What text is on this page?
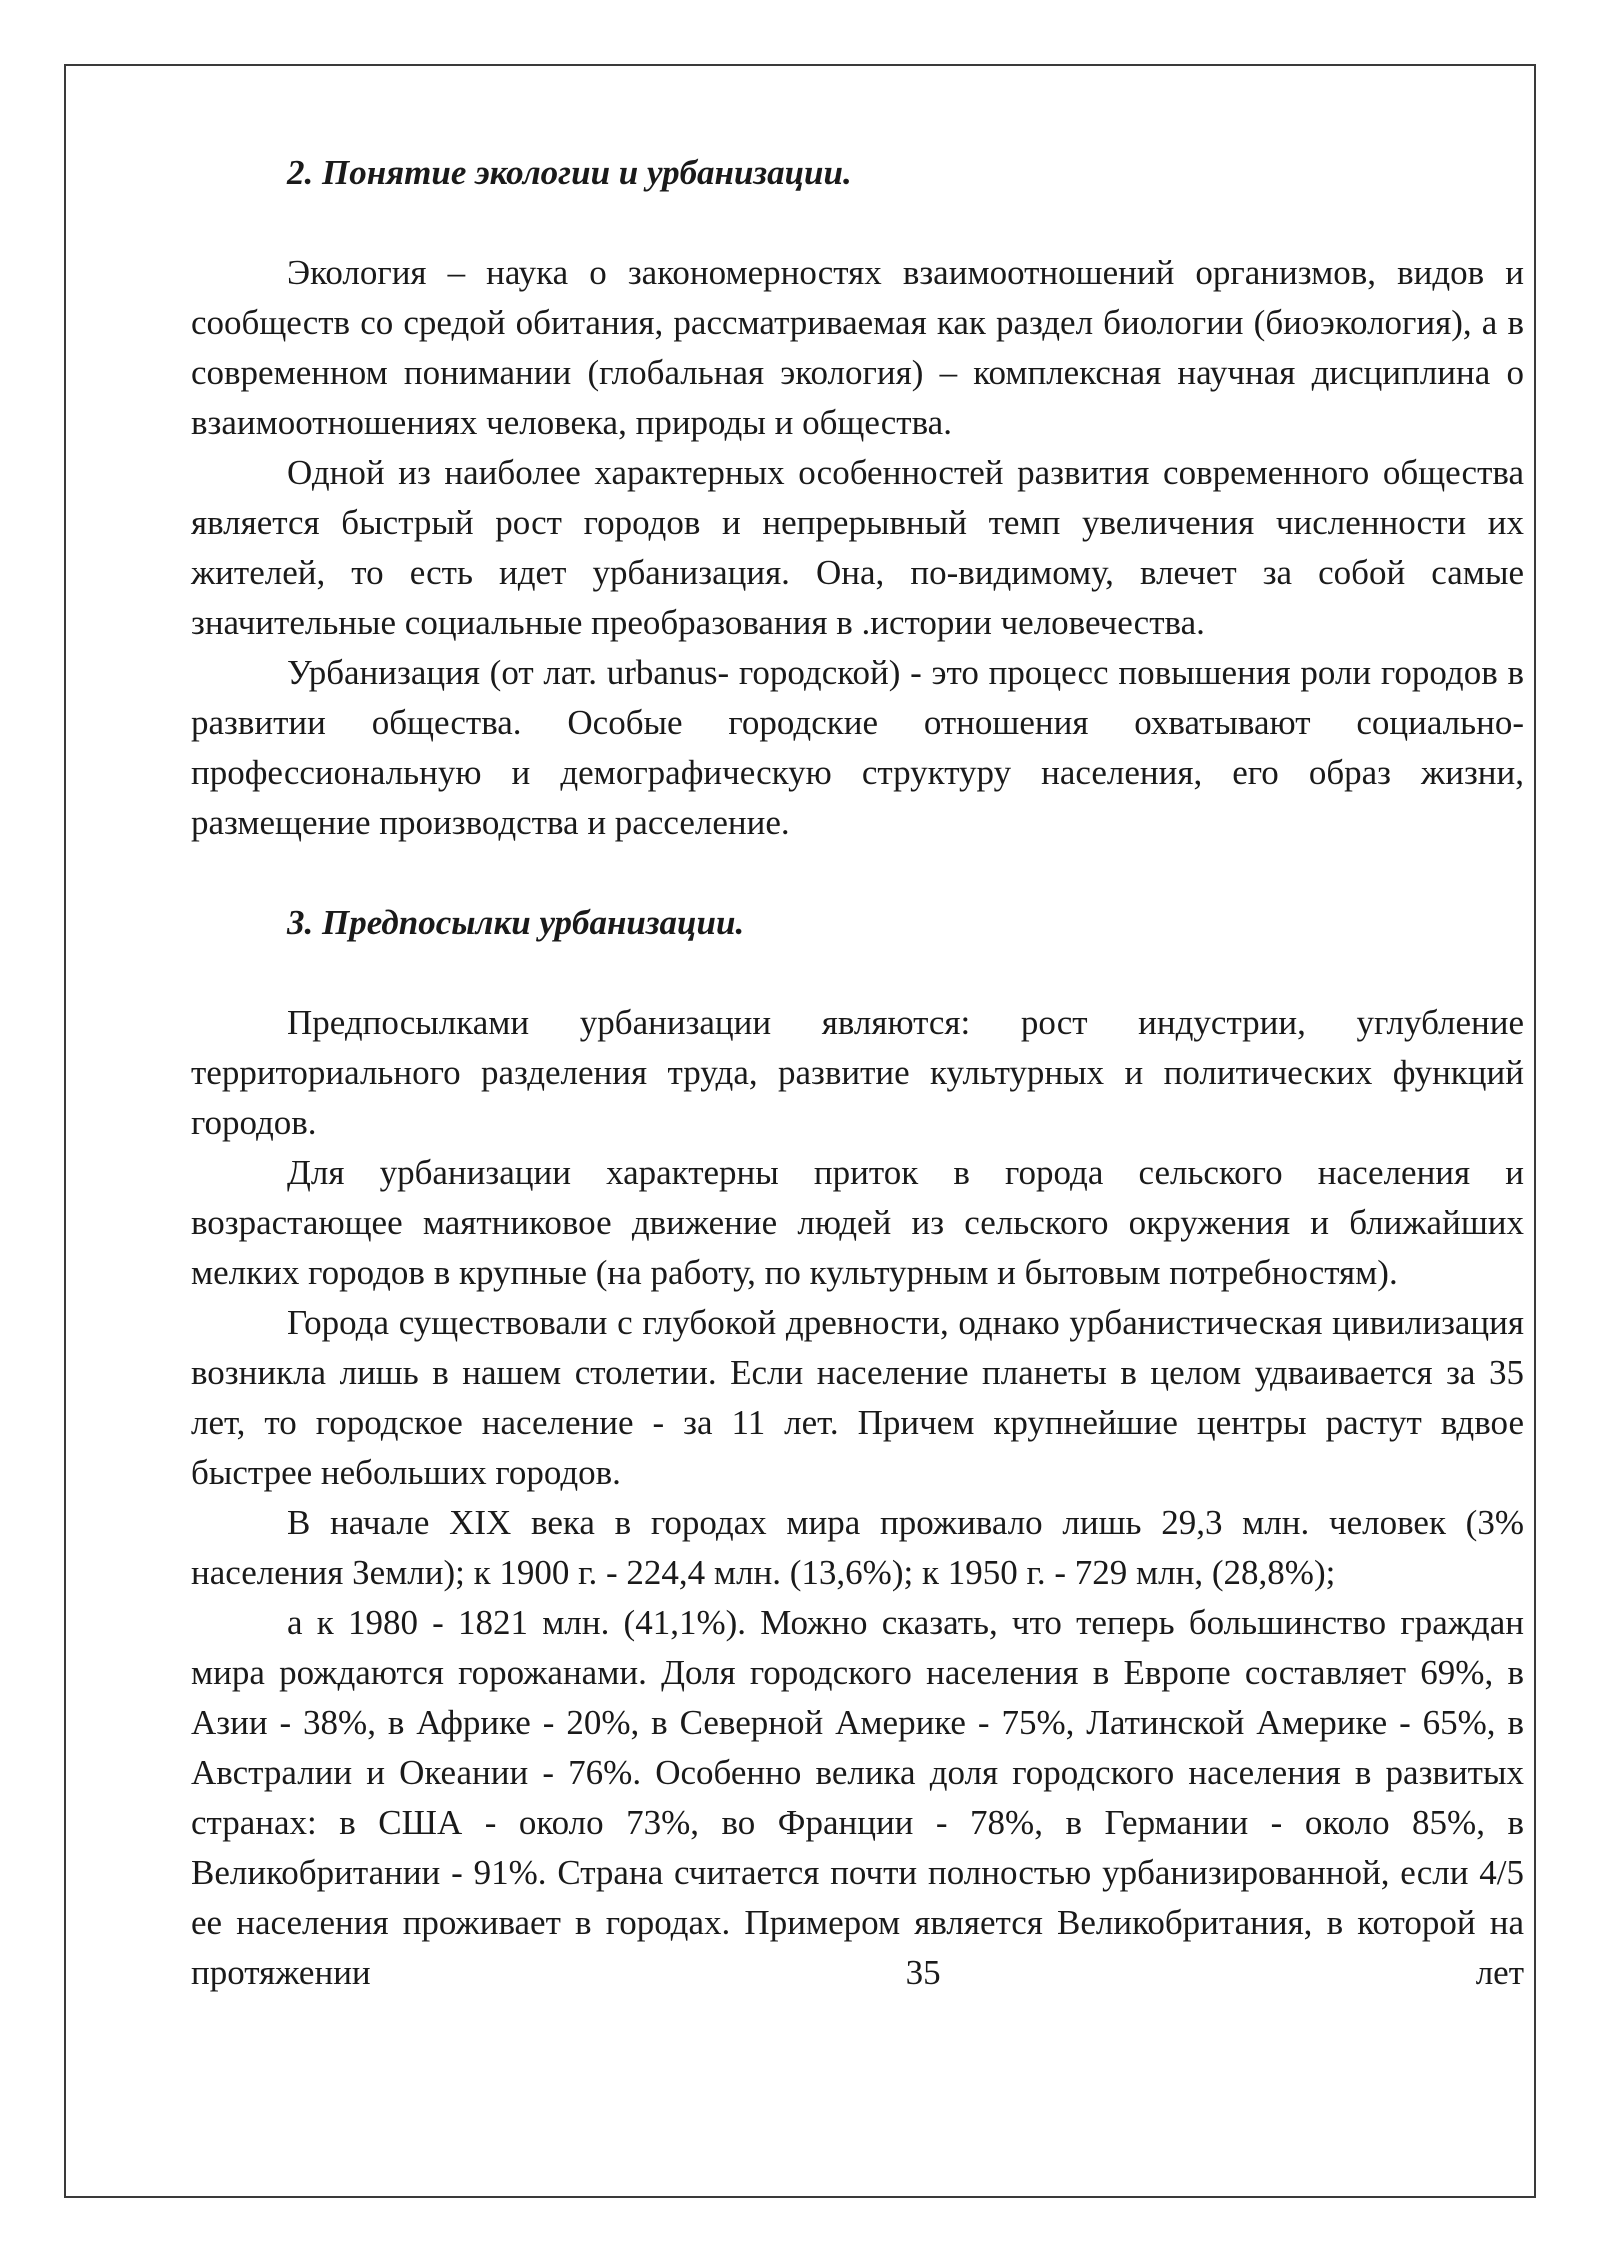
2. Понятие экологии и урбанизации.

Экология – наука о закономерностях взаимоотношений организмов, видов и сообществ со средой обитания, рассматриваемая как раздел биологии (биоэкология), а в современном понимании (глобальная экология) – комплексная научная дисциплина о взаимоотношениях человека, природы и общества.

Одной из наиболее характерных особенностей развития современного общества является быстрый рост городов и непрерывный темп увеличения численности их жителей, то есть идет урбанизация. Она, по-видимому, влечет за собой самые значительные социальные преобразования в .истории человечества.

Урбанизация (от лат. urbanus- городской) - это процесс повышения роли городов в развитии общества. Особые городские отношения охватывают социально-профессиональную и демографическую структуру населения, его образ жизни, размещение производства и расселение.

3. Предпосылки урбанизации.

Предпосылками урбанизации являются: рост индустрии, углубление территориального разделения труда, развитие культурных и политических функций городов.

Для урбанизации характерны приток в города сельского населения и возрастающее маятниковое движение людей из сельского окружения и ближайших мелких городов в крупные (на работу, по культурным и бытовым потребностям).

Города существовали с глубокой древности, однако урбанистическая цивилизация возникла лишь в нашем столетии. Если население планеты в целом удваивается за 35 лет, то городское население - за 11 лет. Причем крупнейшие центры растут вдвое быстрее небольших городов.

В начале XIX века в городах мира проживало лишь 29,3 млн. человек (3% населения Земли); к 1900 г. - 224,4 млн. (13,6%); к 1950 г. - 729 млн, (28,8%);

а к 1980 - 1821 млн. (41,1%). Можно сказать, что теперь большинство граждан мира рождаются горожанами. Доля городского населения в Европе составляет 69%, в Азии - 38%, в Африке - 20%, в Северной Америке - 75%, Латинской Америке - 65%, в Австралии и Океании - 76%. Особенно велика доля городского населения в развитых странах: в США - около 73%, во Франции - 78%, в Германии - около 85%, в Великобритании - 91%. Страна считается почти полностью урбанизированной, если 4/5 ее населения проживает в городах. Примером является Великобритания, в которой на протяжении 35 лет
